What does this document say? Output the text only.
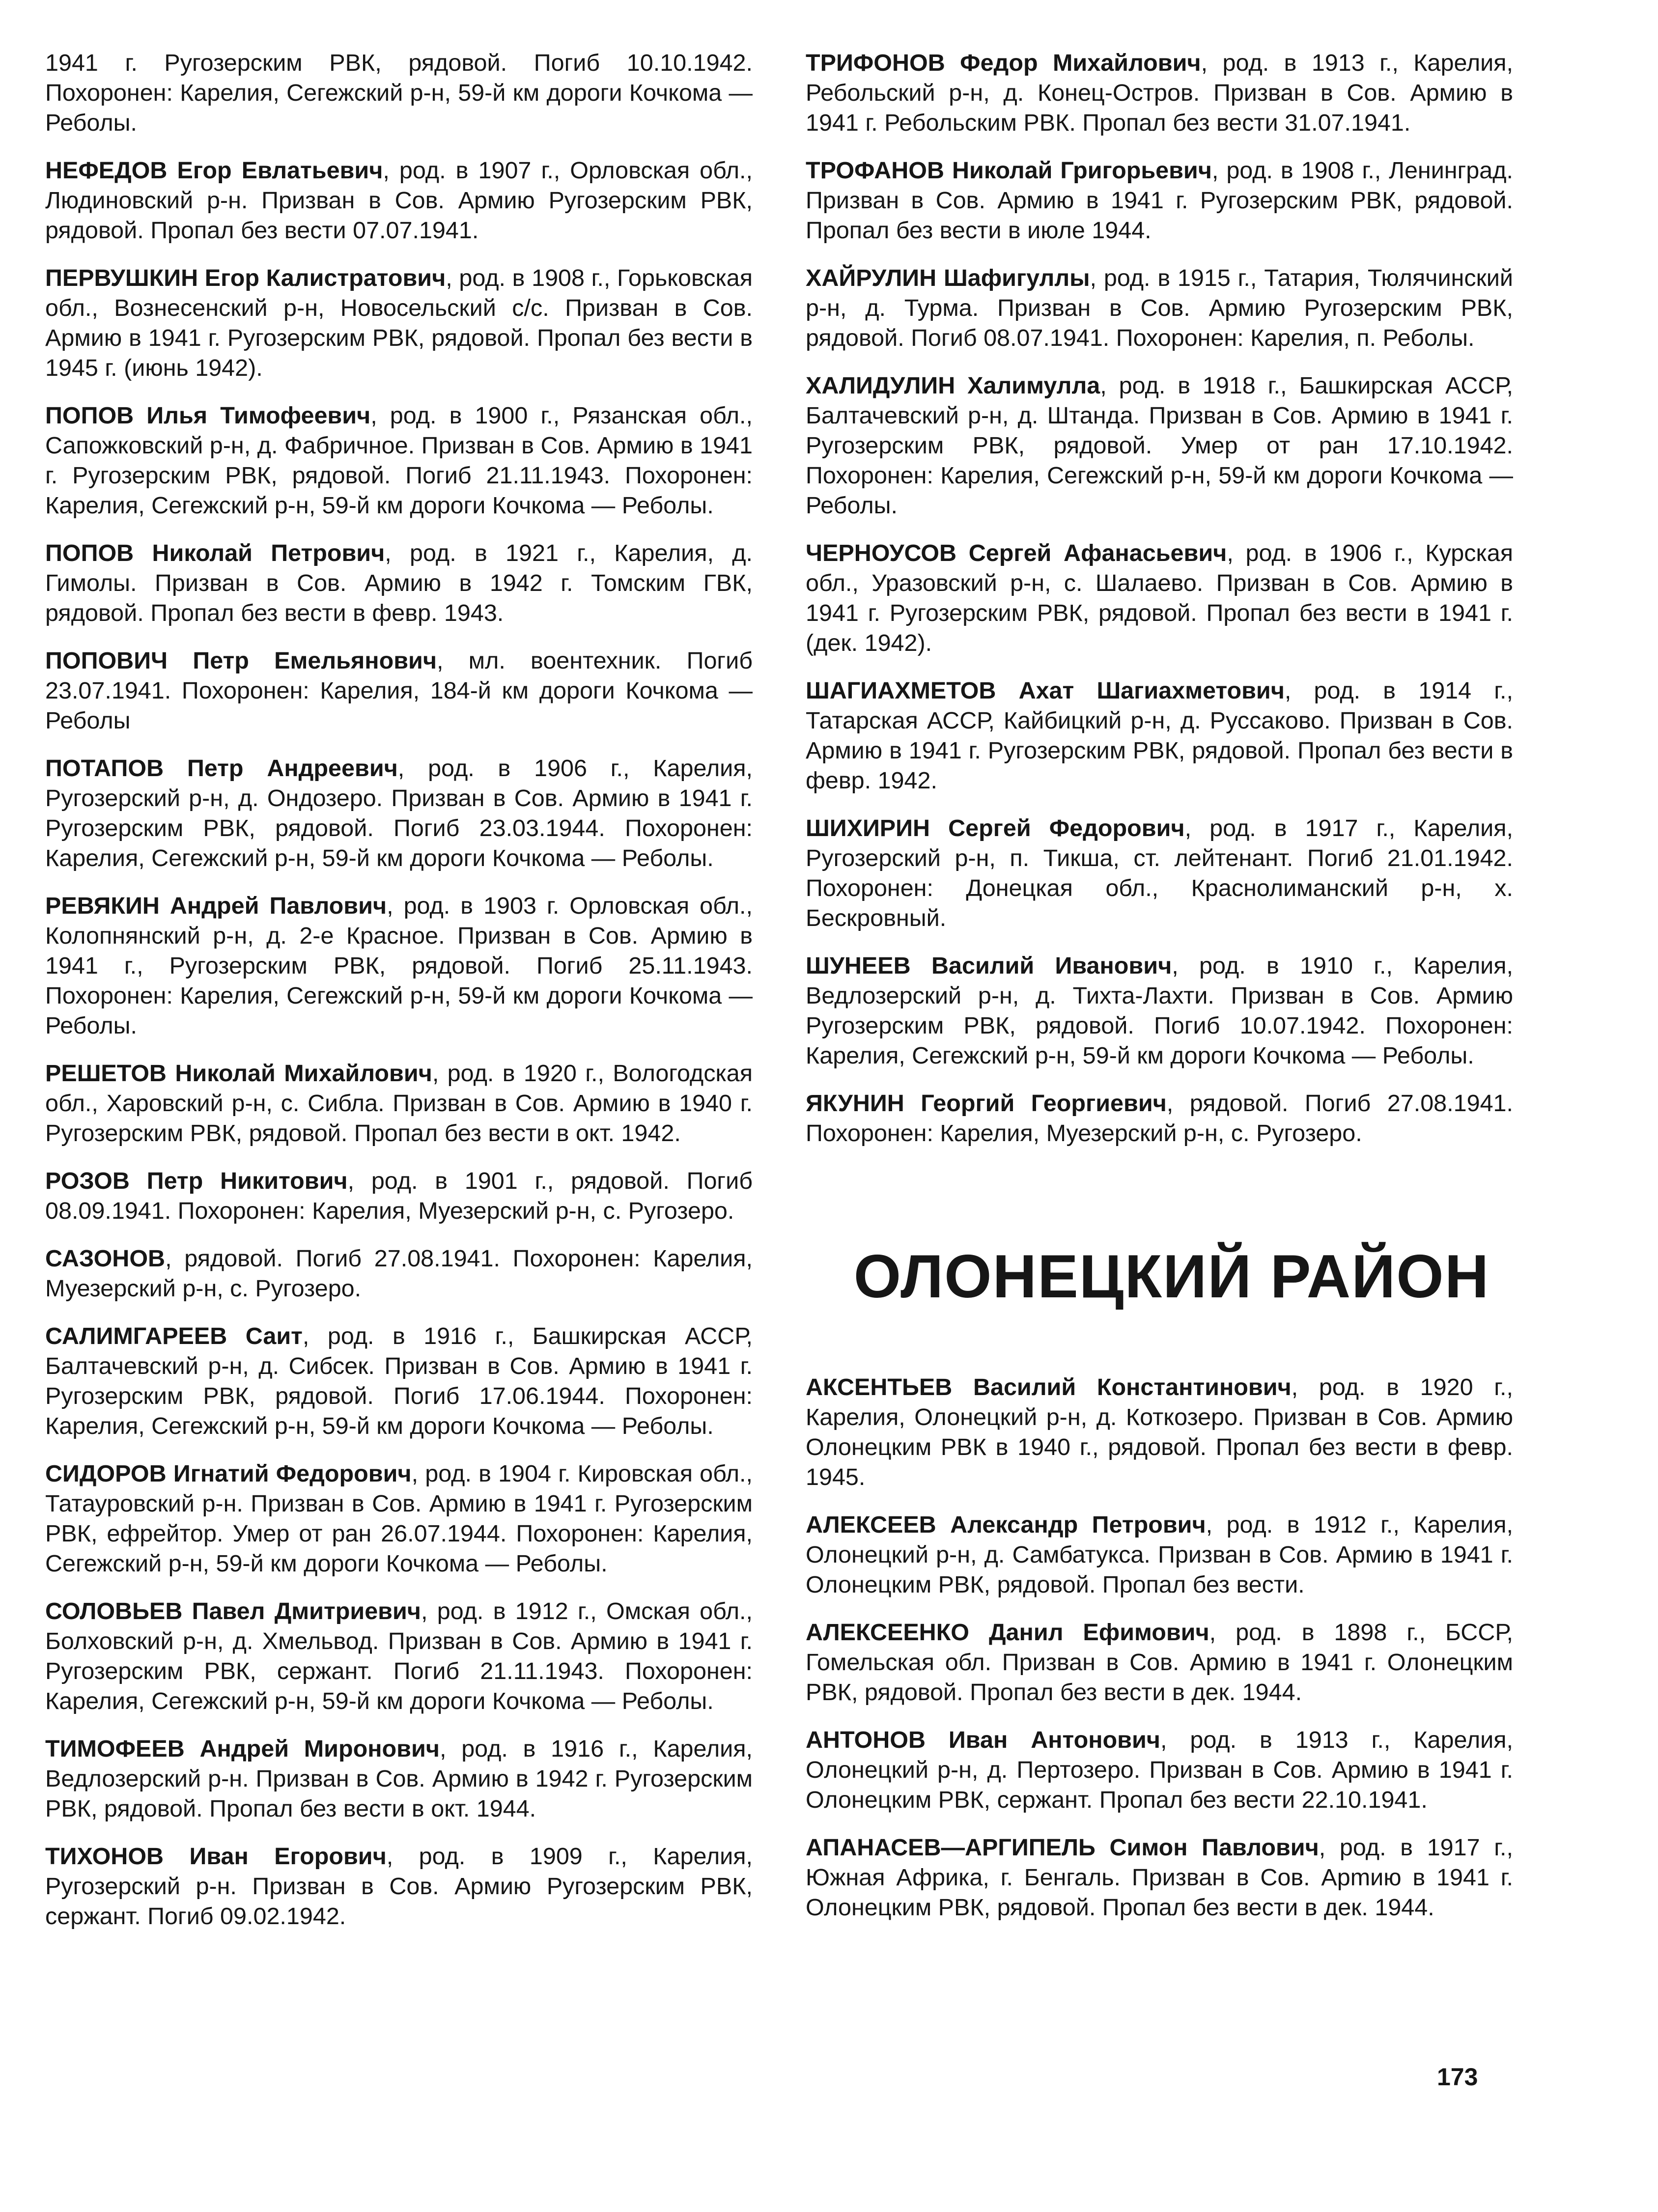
1941 г. Ругозерским РВК, рядовой. Погиб 10.10.1942. Похоронен: Карелия, Сегежский р-н, 59-й км дороги Кочкома — Реболы.

НЕФЕДОВ Егор Евлатьевич, род. в 1907 г., Орловская обл., Людиновский р-н. Призван в Сов. Армию Ругозерским РВК, рядовой. Пропал без вести 07.07.1941.

ПЕРВУШКИН Егор Калистратович, род. в 1908 г., Горьковская обл., Вознесенский р-н, Новосельский с/с. Призван в Сов. Армию в 1941 г. Ругозерским РВК, рядовой. Пропал без вести в 1945 г. (июнь 1942).

ПОПОВ Илья Тимофеевич, род. в 1900 г., Рязанская обл., Сапожковский р-н, д. Фабричное. Призван в Сов. Армию в 1941 г. Ругозерским РВК, рядовой. Погиб 21.11.1943. Похоронен: Карелия, Сегежский р-н, 59-й км дороги Кочкома — Реболы.

ПОПОВ Николай Петрович, род. в 1921 г., Карелия, д. Гимолы. Призван в Сов. Армию в 1942 г. Томским ГВК, рядовой. Пропал без вести в февр. 1943.

ПОПОВИЧ Петр Емельянович, мл. воентехник. Погиб 23.07.1941. Похоронен: Карелия, 184-й км дороги Кочкома — Реболы

ПОТАПОВ Петр Андреевич, род. в 1906 г., Карелия, Ругозерский р-н, д. Ондозеро. Призван в Сов. Армию в 1941 г. Ругозерским РВК, рядовой. Погиб 23.03.1944. Похоронен: Карелия, Сегежский р-н, 59-й км дороги Кочкома — Реболы.

РЕВЯКИН Андрей Павлович, род. в 1903 г. Орловская обл., Колопнянский р-н, д. 2-е Красное. Призван в Сов. Армию в 1941 г., Ругозерским РВК, рядовой. Погиб 25.11.1943. Похоронен: Карелия, Сегежский р-н, 59-й км дороги Кочкома — Реболы.

РЕШЕТОВ Николай Михайлович, род. в 1920 г., Вологодская обл., Харовский р-н, с. Сибла. Призван в Сов. Армию в 1940 г. Ругозерским РВК, рядовой. Пропал без вести в окт. 1942.

РОЗОВ Петр Никитович, род. в 1901 г., рядовой. Погиб 08.09.1941. Похоронен: Карелия, Муезерский р-н, с. Ругозеро.

САЗОНОВ, рядовой. Погиб 27.08.1941. Похоронен: Карелия, Муезерский р-н, с. Ругозеро.

САЛИМГАРЕЕВ Саит, род. в 1916 г., Башкирская АССР, Балтачевский р-н, д. Сибсек. Призван в Сов. Армию в 1941 г. Ругозерским РВК, рядовой. Погиб 17.06.1944. Похоронен: Карелия, Сегежский р-н, 59-й км дороги Кочкома — Реболы.

СИДОРОВ Игнатий Федорович, род. в 1904 г. Кировская обл., Татауровский р-н. Призван в Сов. Армию в 1941 г. Ругозерским РВК, ефрейтор. Умер от ран 26.07.1944. Похоронен: Карелия, Сегежский р-н, 59-й км дороги Кочкома — Реболы.

СОЛОВЬЕВ Павел Дмитриевич, род. в 1912 г., Омская обл., Болховский р-н, д. Хмельвод. Призван в Сов. Армию в 1941 г. Ругозерским РВК, сержант. Погиб 21.11.1943. Похоронен: Карелия, Сегежский р-н, 59-й км дороги Кочкома — Реболы.

ТИМОФЕЕВ Андрей Миронович, род. в 1916 г., Карелия, Ведлозерский р-н. Призван в Сов. Армию в 1942 г. Ругозерским РВК, рядовой. Пропал без вести в окт. 1944.

ТИХОНОВ Иван Егорович, род. в 1909 г., Карелия, Ругозерский р-н. Призван в Сов. Армию Ругозерским РВК, сержант. Погиб 09.02.1942.

ТРИФОНОВ Федор Михайлович, род. в 1913 г., Карелия, Ребольский р-н, д. Конец-Остров. Призван в Сов. Армию в 1941 г. Ребольским РВК. Пропал без вести 31.07.1941.

ТРОФАНОВ Николай Григорьевич, род. в 1908 г., Ленинград. Призван в Сов. Армию в 1941 г. Ругозерским РВК, рядовой. Пропал без вести в июле 1944.

ХАЙРУЛИН Шафигуллы, род. в 1915 г., Татария, Тюлячинский р-н, д. Турма. Призван в Сов. Армию Ругозерским РВК, рядовой. Погиб 08.07.1941. Похоронен: Карелия, п. Реболы.

ХАЛИДУЛИН Халимулла, род. в 1918 г., Башкирская АССР, Балтачевский р-н, д. Штанда. Призван в Сов. Армию в 1941 г. Ругозерским РВК, рядовой. Умер от ран 17.10.1942. Похоронен: Карелия, Сегежский р-н, 59-й км дороги Кочкома — Реболы.

ЧЕРНОУСОВ Сергей Афанасьевич, род. в 1906 г., Курская обл., Уразовский р-н, с. Шалаево. Призван в Сов. Армию в 1941 г. Ругозерским РВК, рядовой. Пропал без вести в 1941 г. (дек. 1942).

ШАГИАХМЕТОВ Ахат Шагиахметович, род. в 1914 г., Татарская АССР, Кайбицкий р-н, д. Руссаково. Призван в Сов. Армию в 1941 г. Ругозерским РВК, рядовой. Пропал без вести в февр. 1942.

ШИХИРИН Сергей Федорович, род. в 1917 г., Карелия, Ругозерский р-н, п. Тикша, ст. лейтенант. Погиб 21.01.1942. Похоронен: Донецкая обл., Краснолиманский р-н, х. Бескровный.

ШУНЕЕВ Василий Иванович, род. в 1910 г., Карелия, Ведлозерский р-н, д. Тихта-Лахти. Призван в Сов. Армию Ругозерским РВК, рядовой. Погиб 10.07.1942. Похоронен: Карелия, Сегежский р-н, 59-й км дороги Кочкома — Реболы.

ЯКУНИН Георгий Георгиевич, рядовой. Погиб 27.08.1941. Похоронен: Карелия, Муезерский р-н, с. Ругозеро.

ОЛОНЕЦКИЙ РАЙОН

АКСЕНТЬЕВ Василий Константинович, род. в 1920 г., Карелия, Олонецкий р-н, д. Коткозеро. Призван в Сов. Армию Олонецким РВК в 1940 г., рядовой. Пропал без вести в февр. 1945.

АЛЕКСЕЕВ Александр Петрович, род. в 1912 г., Карелия, Олонецкий р-н, д. Самбатукса. Призван в Сов. Армию в 1941 г. Олонецким РВК, рядовой. Пропал без вести.

АЛЕКСЕЕНКО Данил Ефимович, род. в 1898 г., БССР, Гомельская обл. Призван в Сов. Армию в 1941 г. Олонецким РВК, рядовой. Пропал без вести в дек. 1944.

АНТОНОВ Иван Антонович, род. в 1913 г., Карелия, Олонецкий р-н, д. Пертозеро. Призван в Сов. Армию в 1941 г. Олонецким РВК, сержант. Пропал без вести 22.10.1941.

АПАНАСЕВ—АРГИПЕЛЬ Симон Павлович, род. в 1917 г., Южная Африка, г. Бенгаль. Призван в Сов. Арmию в 1941 г. Олонецким РВК, рядовой. Пропал без вести в дек. 1944.

173
